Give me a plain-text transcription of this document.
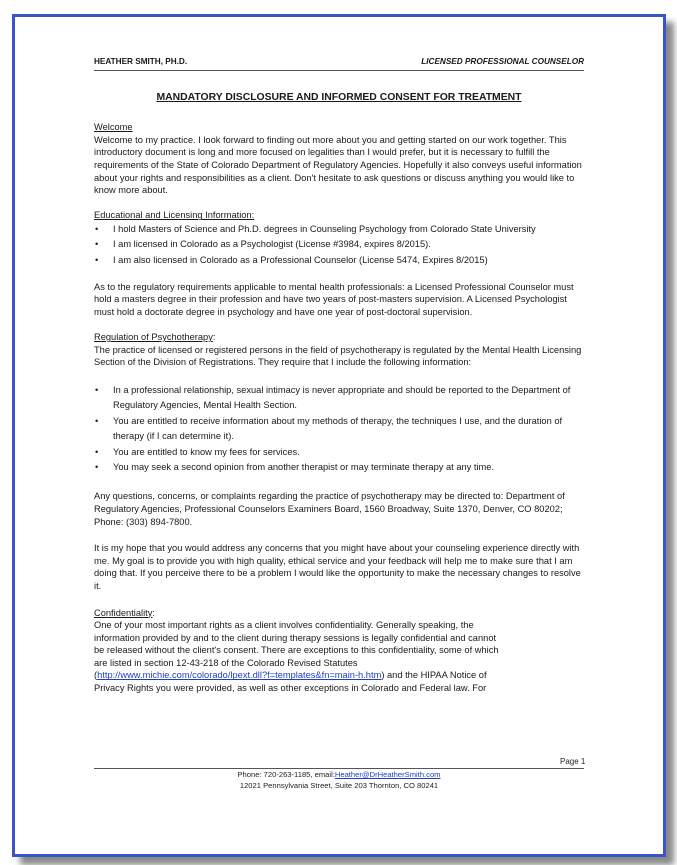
HEATHER SMITH, PH.D.	LICENSED PROFESSIONAL COUNSELOR
MANDATORY DISCLOSURE AND INFORMED CONSENT FOR TREATMENT
Welcome

Welcome to my practice. I look forward to finding out more about you and getting started on our work together. This introductory document is long and more focused on legalities than I would prefer, but it is necessary to fulfill the requirements of the State of Colorado Department of Regulatory Agencies. Hopefully it also conveys useful information about your rights and responsibilities as a client. Don't hesitate to ask questions or discuss anything you would like to know more about.

Educational and Licensing Information:
• I hold Masters of Science and Ph.D. degrees in Counseling Psychology from Colorado State University
• I am licensed in Colorado as a Psychologist (License #3984, expires 8/2015).
• I am also licensed in Colorado as a Professional Counselor (License 5474, Expires 8/2015)

As to the regulatory requirements applicable to mental health professionals: a Licensed Professional Counselor must hold a masters degree in their profession and have two years of post-masters supervision. A Licensed Psychologist must hold a doctorate degree in psychology and have one year of post-doctoral supervision.

Regulation of Psychotherapy:

The practice of licensed or registered persons in the field of psychotherapy is regulated by the Mental Health Licensing Section of the Division of Registrations. They require that I include the following information:

• In a professional relationship, sexual intimacy is never appropriate and should be reported to the Department of Regulatory Agencies, Mental Health Section.
• You are entitled to receive information about my methods of therapy, the techniques I use, and the duration of therapy (if I can determine it).
• You are entitled to know my fees for services.
• You may seek a second opinion from another therapist or may terminate therapy at any time.

Any questions, concerns, or complaints regarding the practice of psychotherapy may be directed to: Department of Regulatory Agencies, Professional Counselors Examiners Board, 1560 Broadway, Suite 1370, Denver, CO 80202; Phone: (303) 894-7800.

It is my hope that you would address any concerns that you might have about your counseling experience directly with me. My goal is to provide you with high quality, ethical service and your feedback will help me to make sure that I am doing that. If you perceive there to be a problem I would like the opportunity to make the necessary changes to resolve it.

Confidentiality:

One of your most important rights as a client involves confidentiality. Generally speaking, the

information provided by and to the client during therapy sessions is legally confidential and cannot

be released without the client's consent. There are exceptions to this confidentiality, some of which

are listed in section 12-43-218 of the Colorado Revised Statutes

(http://www.michie.com/colorado/lpext.dll?f=templates&fn=main-h.htm) and the HIPAA Notice of

Privacy Rights you were provided, as well as other exceptions in Colorado and Federal law. For

Page 1
Phone: 720-263-1185, email:Heather@DrHeatherSmith.com
12021 Pennsylvania Street, Suite 203 Thornton, CO 80241
